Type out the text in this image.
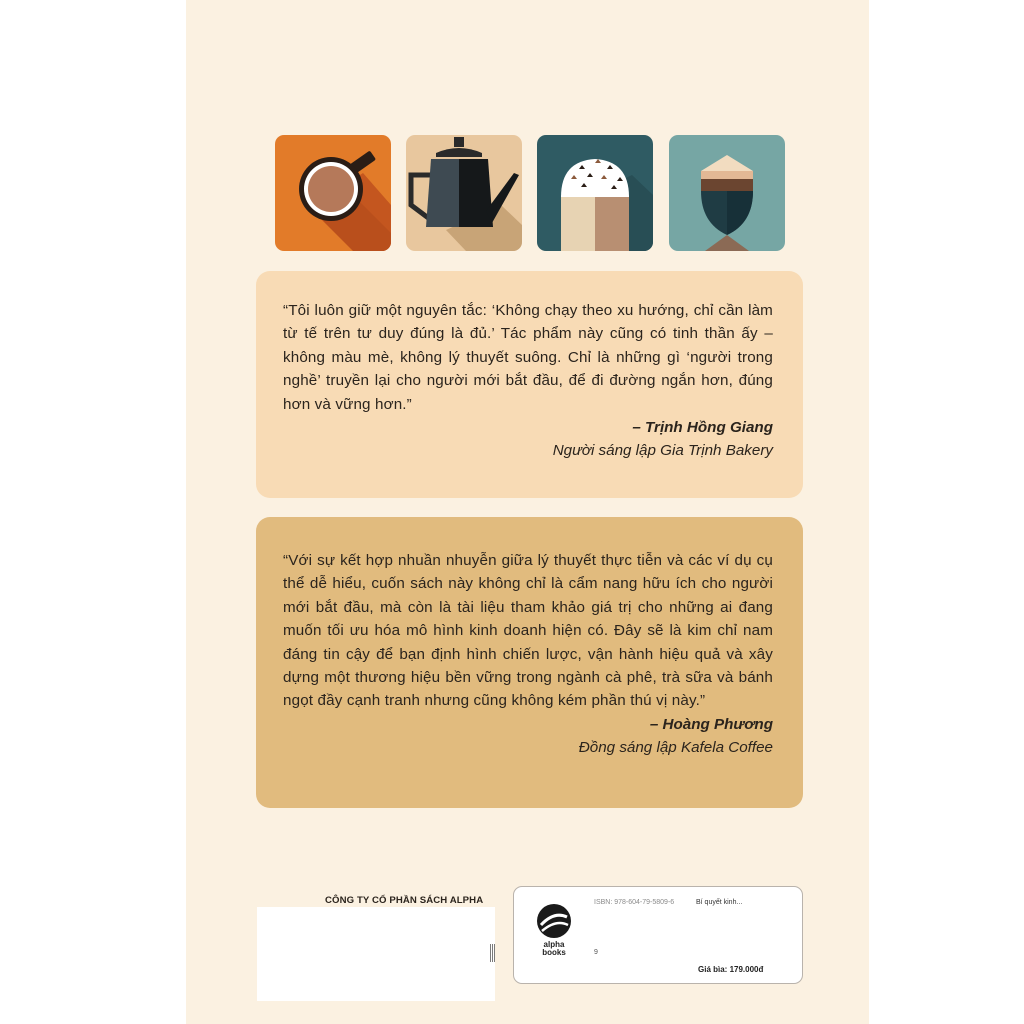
“Tôi luôn giữ một nguyên tắc: ‘Không chạy theo xu hướng, chỉ cần làm từ tế trên tư duy đúng là đủ.’ Tác phẩm này cũng có tinh thần ấy – không màu mè, không lý thuyết suông. Chỉ là những gì ‘người trong nghề’ truyền lại cho người mới bắt đầu, để đi đường ngắn hơn, đúng hơn và vững hơn.”

– Trịnh Hồng Giang

Người sáng lập Gia Trịnh Bakery

“Với sự kết hợp nhuần nhuyễn giữa lý thuyết thực tiễn và các ví dụ cụ thể dễ hiểu, cuốn sách này không chỉ là cẩm nang hữu ích cho người mới bắt đầu, mà còn là tài liệu tham khảo giá trị cho những ai đang muốn tối ưu hóa mô hình kinh doanh hiện có. Đây sẽ là kim chỉ nam đáng tin cậy để bạn định hình chiến lược, vận hành hiệu quả và xây dựng một thương hiệu bền vững trong ngành cà phê, trà sữa và bánh ngọt đầy cạnh tranh nhưng cũng không kém phần thú vị này.”

– Hoàng Phương

Đồng sáng lập Kafela Coffee

CÔNG TY CỔ PHẦN SÁCH ALPHA
alpha
books
ISBN: 978-604-79-5809-6	Bí quyết kinh...
9
Giá bìa: 179.000đ
